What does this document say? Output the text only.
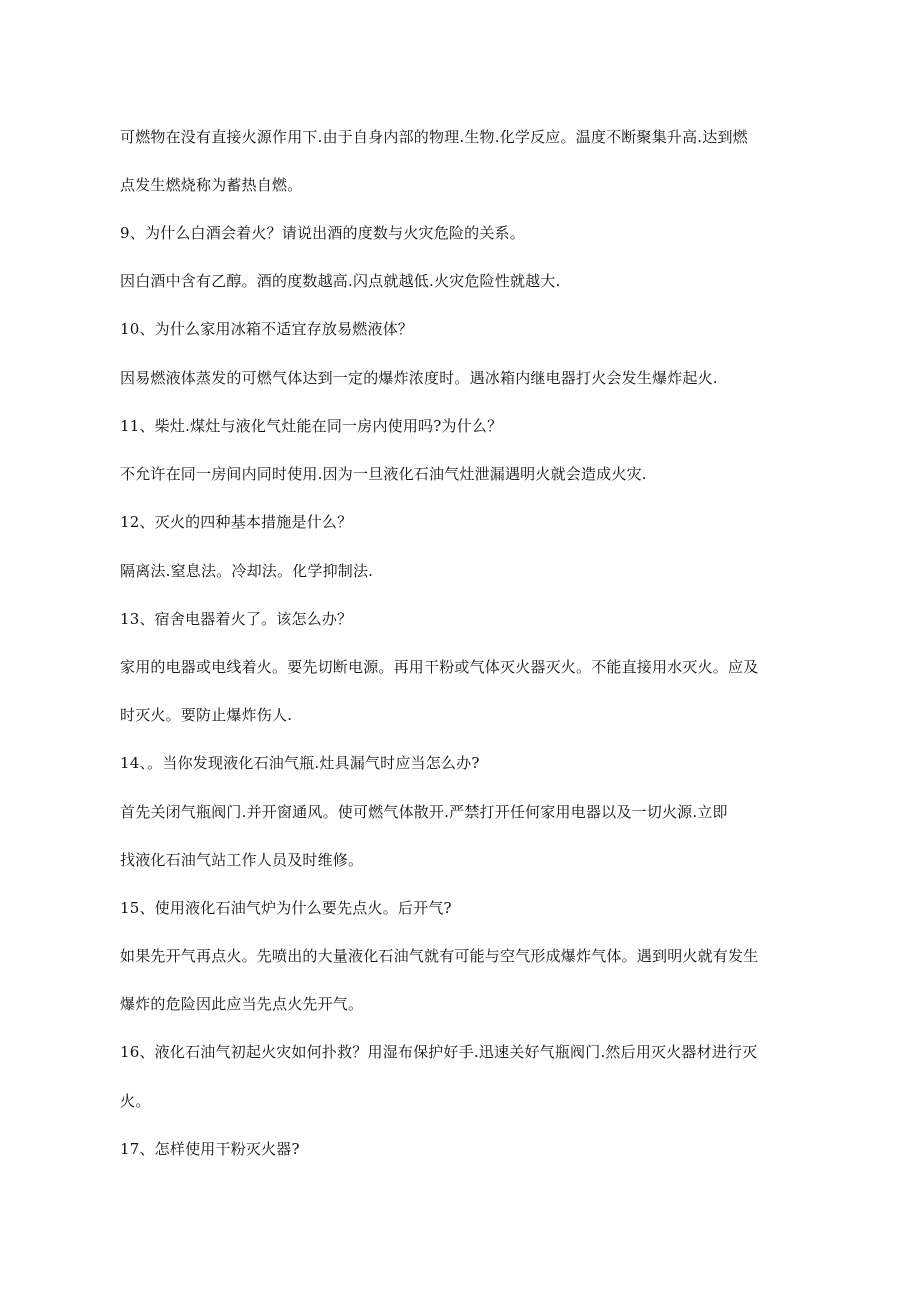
可燃物在没有直接火源作用下.由于自身内部的物理.生物.化学反应。温度不断聚集升高.达到燃
点发生燃烧称为蓄热自燃。
9、为什么白酒会着火？请说出酒的度数与火灾危险的关系。
因白酒中含有乙醇。酒的度数越高.闪点就越低.火灾危险性就越大.
10、为什么家用冰箱不适宜存放易燃液体？
因易燃液体蒸发的可燃气体达到一定的爆炸浓度时。遇冰箱内继电器打火会发生爆炸起火.
11、柴灶.煤灶与液化气灶能在同一房内使用吗?为什么？
不允许在同一房间内同时使用.因为一旦液化石油气灶泄漏遇明火就会造成火灾.
12、灭火的四种基本措施是什么？
隔离法.窒息法。冷却法。化学抑制法.
13、宿舍电器着火了。该怎么办？
家用的电器或电线着火。要先切断电源。再用干粉或气体灭火器灭火。不能直接用水灭火。应及
时灭火。要防止爆炸伤人.
14、。当你发现液化石油气瓶.灶具漏气时应当怎么办?
首先关闭气瓶阀门.并开窗通风。使可燃气体散开.严禁打开任何家用电器以及一切火源.立即
找液化石油气站工作人员及时维修。
15、使用液化石油气炉为什么要先点火。后开气?
如果先开气再点火。先喷出的大量液化石油气就有可能与空气形成爆炸气体。遇到明火就有发生
爆炸的危险因此应当先点火先开气。
16、液化石油气初起火灾如何扑救？用湿布保护好手.迅速关好气瓶阀门.然后用灭火器材进行灭
火。
17、怎样使用干粉灭火器?
